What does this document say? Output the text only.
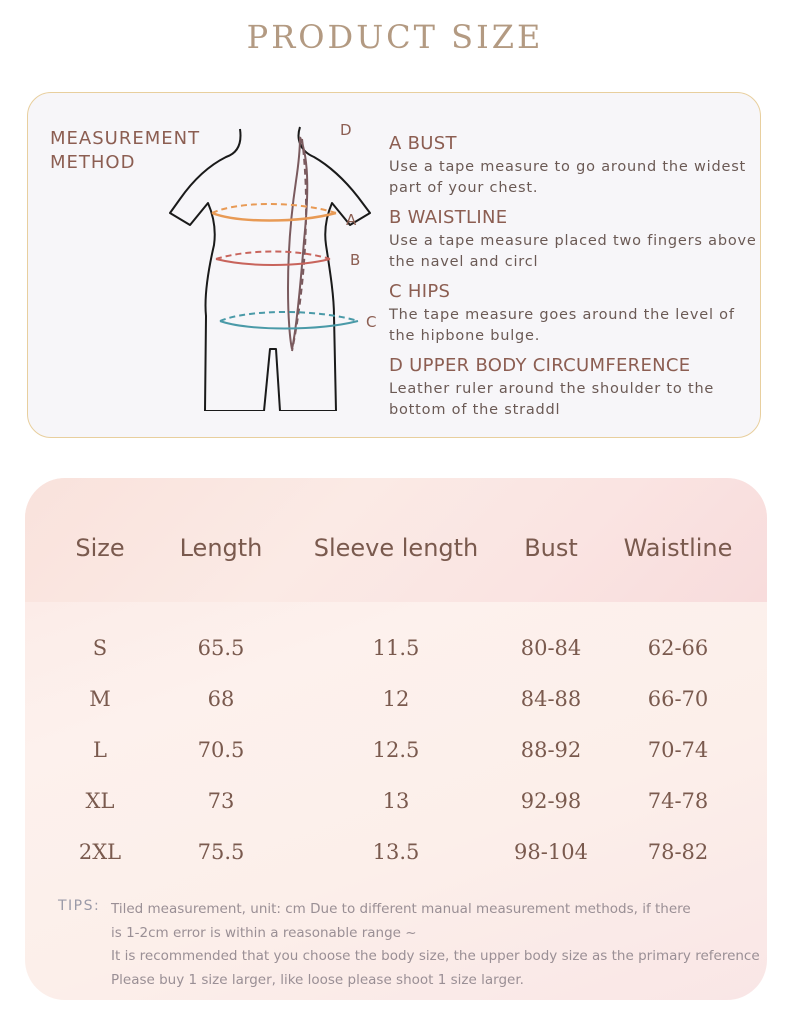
PRODUCT SIZE
MEASUREMENT
METHOD
A
B
C
D
A BUST
Use a tape measure to go around the widest
part of your chest.
B WAISTLINE
Use a tape measure placed two fingers above
the navel and circl
C HIPS
The tape measure goes around the level of
the hipbone bulge.
D UPPER BODY CIRCUMFERENCE
Leather ruler around the shoulder to the
bottom of the straddl
Size Length Sleeve length Bust Waistline
S	65.5	11.5	80-84	62-66
M	68	12	84-88	66-70
L	70.5	12.5	88-92	70-74
XL	73	13	92-98	74-78
2XL	75.5	13.5	98-104	78-82
TIPS: Tiled measurement, unit: cm Due to different manual measurement methods, if there
is 1-2cm error is within a reasonable range ~
It is recommended that you choose the body size, the upper body size as the primary reference
Please buy 1 size larger, like loose please shoot 1 size larger.
